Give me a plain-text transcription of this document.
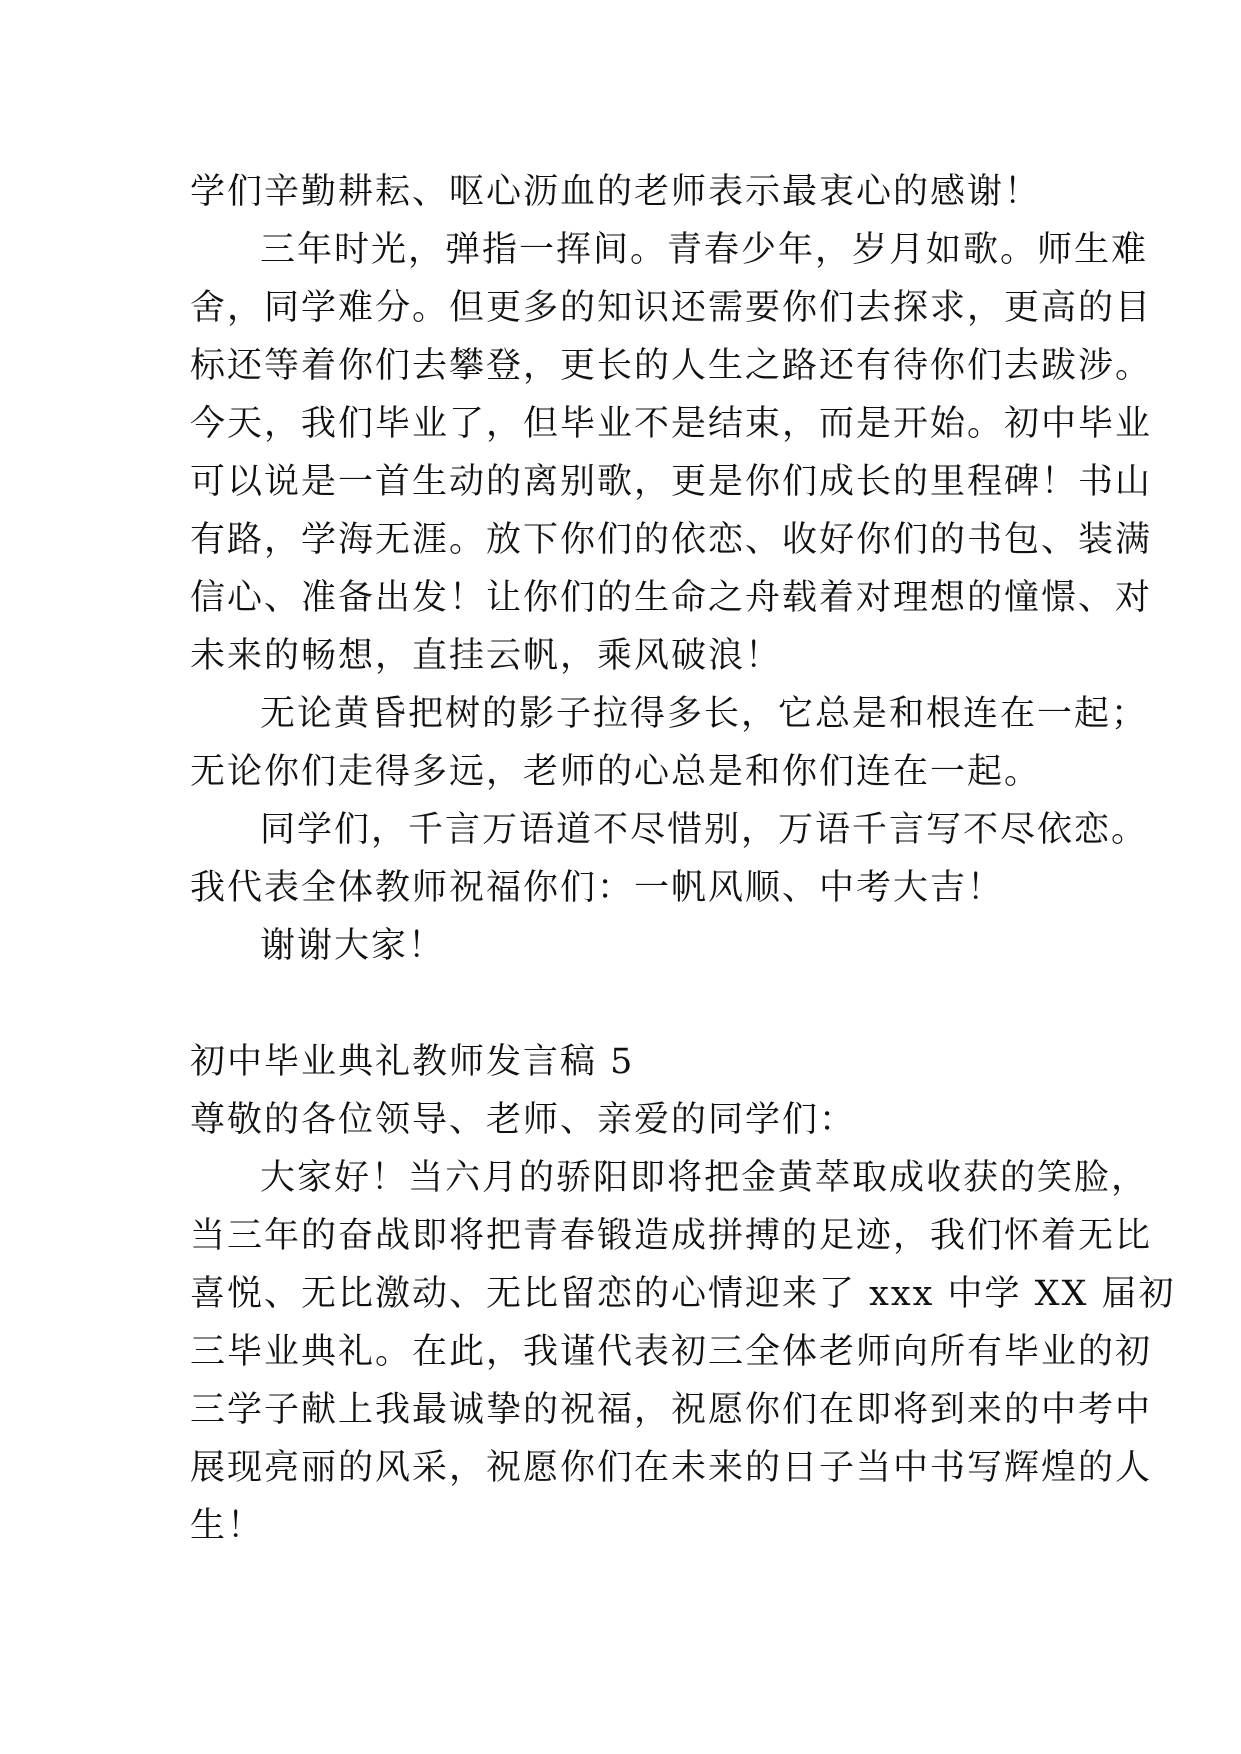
学们辛勤耕耘、呕心沥血的老师表示最衷心的感谢！
三年时光，弹指一挥间。青春少年，岁月如歌。师生难
舍，同学难分。但更多的知识还需要你们去探求，更高的目
标还等着你们去攀登，更长的人生之路还有待你们去跋涉。
今天，我们毕业了，但毕业不是结束，而是开始。初中毕业
可以说是一首生动的离别歌，更是你们成长的里程碑！书山
有路，学海无涯。放下你们的依恋、收好你们的书包、装满
信心、准备出发！让你们的生命之舟载着对理想的憧憬、对
未来的畅想，直挂云帆，乘风破浪！
无论黄昏把树的影子拉得多长，它总是和根连在一起；
无论你们走得多远，老师的心总是和你们连在一起。
同学们，千言万语道不尽惜别，万语千言写不尽依恋。
我代表全体教师祝福你们：一帆风顺、中考大吉！
谢谢大家！
初中毕业典礼教师发言稿 5
尊敬的各位领导、老师、亲爱的同学们：
大家好！当六月的骄阳即将把金黄萃取成收获的笑脸，
当三年的奋战即将把青春锻造成拼搏的足迹，我们怀着无比
喜悦、无比激动、无比留恋的心情迎来了 xxx 中学 XX 届初
三毕业典礼。在此，我谨代表初三全体老师向所有毕业的初
三学子献上我最诚挚的祝福，祝愿你们在即将到来的中考中
展现亮丽的风采，祝愿你们在未来的日子当中书写辉煌的人
生！
